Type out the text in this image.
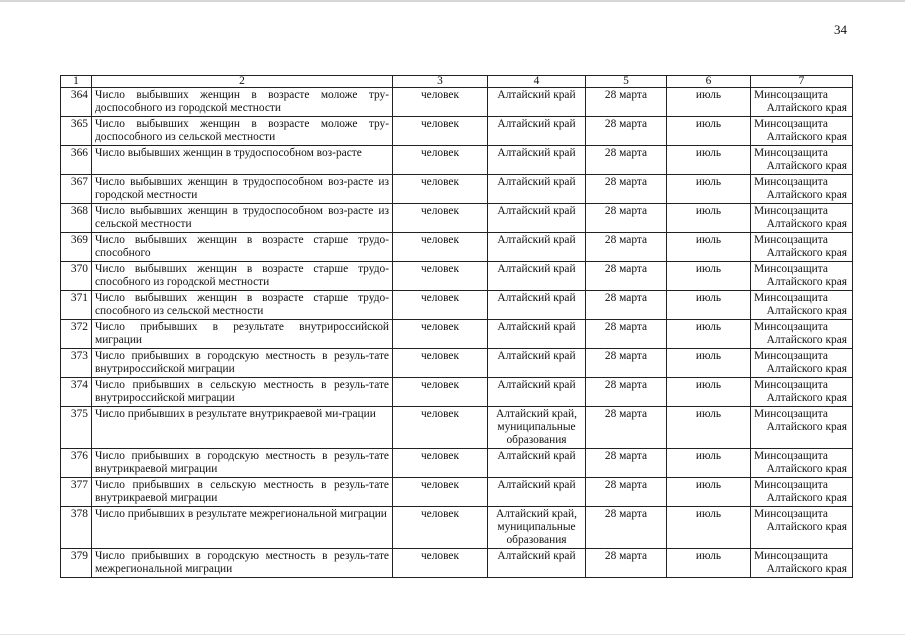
34
1	2	3	4	5	6	7
364	Число выбывших женщин в возрасте моложе тру-доспособного из городской местности	человек	Алтайский край	28 марта	июль	Минсоцзащита
Алтайского края

365	Число выбывших женщин в возрасте моложе тру-доспособного из сельской местности	человек	Алтайский край	28 марта	июль	Минсоцзащита
Алтайского края

366	Число выбывших женщин в трудоспособном воз-расте	человек	Алтайский край	28 марта	июль	Минсоцзащита
Алтайского края

367	Число выбывших женщин в трудоспособном воз-расте из городской местности	человек	Алтайский край	28 марта	июль	Минсоцзащита
Алтайского края

368	Число выбывших женщин в трудоспособном воз-расте из сельской местности	человек	Алтайский край	28 марта	июль	Минсоцзащита
Алтайского края

369	Число выбывших женщин в возрасте старше трудо-способного	человек	Алтайский край	28 марта	июль	Минсоцзащита
Алтайского края

370	Число выбывших женщин в возрасте старше трудо-способного из городской местности	человек	Алтайский край	28 марта	июль	Минсоцзащита
Алтайского края

371	Число выбывших женщин в возрасте старше трудо-способного из сельской местности	человек	Алтайский край	28 марта	июль	Минсоцзащита
Алтайского края

372	Число прибывших в результате внутрироссийской миграции	человек	Алтайский край	28 марта	июль	Минсоцзащита
Алтайского края

373	Число прибывших в городскую местность в резуль-тате внутрироссийской миграции	человек	Алтайский край	28 марта	июль	Минсоцзащита
Алтайского края

374	Число прибывших в сельскую местность в резуль-тате внутрироссийской миграции	человек	Алтайский край	28 марта	июль	Минсоцзащита
Алтайского края

375	Число прибывших в результате внутрикраевой ми-грации	человек	Алтайский край, муниципальные образования	28 марта	июль	Минсоцзащита
Алтайского края

376	Число прибывших в городскую местность в резуль-тате внутрикраевой миграции	человек	Алтайский край	28 марта	июль	Минсоцзащита
Алтайского края

377	Число прибывших в сельскую местность в резуль-тате внутрикраевой миграции	человек	Алтайский край	28 марта	июль	Минсоцзащита
Алтайского края

378	Число прибывших в результате межрегиональной миграции	человек	Алтайский край, муниципальные образования	28 марта	июль	Минсоцзащита
Алтайского края

379	Число прибывших в городскую местность в резуль-тате межрегиональной миграции	человек	Алтайский край	28 марта	июль	Минсоцзащита
Алтайского края
